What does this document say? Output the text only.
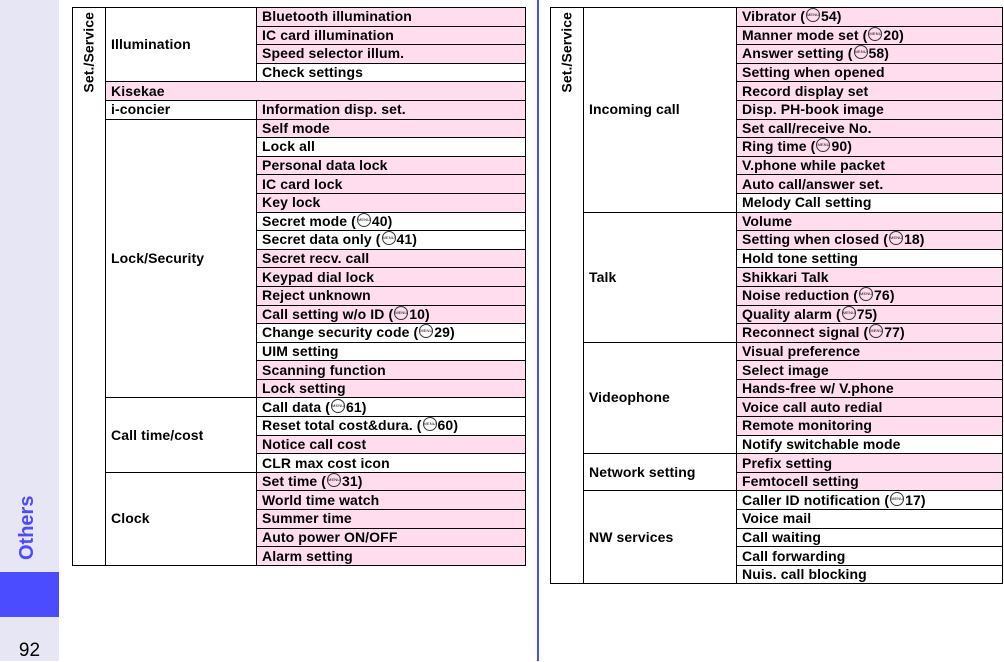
Others
92
Set./Service	Illumination	Bluetooth illumination
		IC card illumination
		Speed selector illum.
		Check settings
	Kisekae	
	i-concier	Information disp. set.
	Lock/Security	Self mode
		Lock all
		Personal data lock
		IC card lock
		Key lock
		Secret mode ( MENU 40)
		Secret data only ( MENU 41)
		Secret recv. call
		Keypad dial lock
		Reject unknown
		Call setting w/o ID ( MENU 10)
		Change security code ( MENU 29)
		UIM setting
		Scanning function
		Lock setting
	Call time/cost	Call data ( MENU 61)
		Reset total cost&dura. ( MENU 60)
		Notice call cost
		CLR max cost icon
	Clock	Set time ( MENU 31)
		World time watch
		Summer time
		Auto power ON/OFF
		Alarm setting
Set./Service	Incoming call	Vibrator ( MENU 54)
		Manner mode set ( MENU 20)
		Answer setting ( MENU 58)
		Setting when opened
		Record display set
		Disp. PH-book image
		Set call/receive No.
		Ring time ( MENU 90)
		V.phone while packet
		Auto call/answer set.
		Melody Call setting
	Talk	Volume
		Setting when closed ( MENU 18)
		Hold tone setting
		Shikkari Talk
		Noise reduction ( MENU 76)
		Quality alarm ( MENU 75)
		Reconnect signal ( MENU 77)
	Videophone	Visual preference
		Select image
		Hands-free w/ V.phone
		Voice call auto redial
		Remote monitoring
		Notify switchable mode
	Network setting	Prefix setting
		Femtocell setting
	NW services	Caller ID notification ( MENU 17)
		Voice mail
		Call waiting
		Call forwarding
		Nuis. call blocking
